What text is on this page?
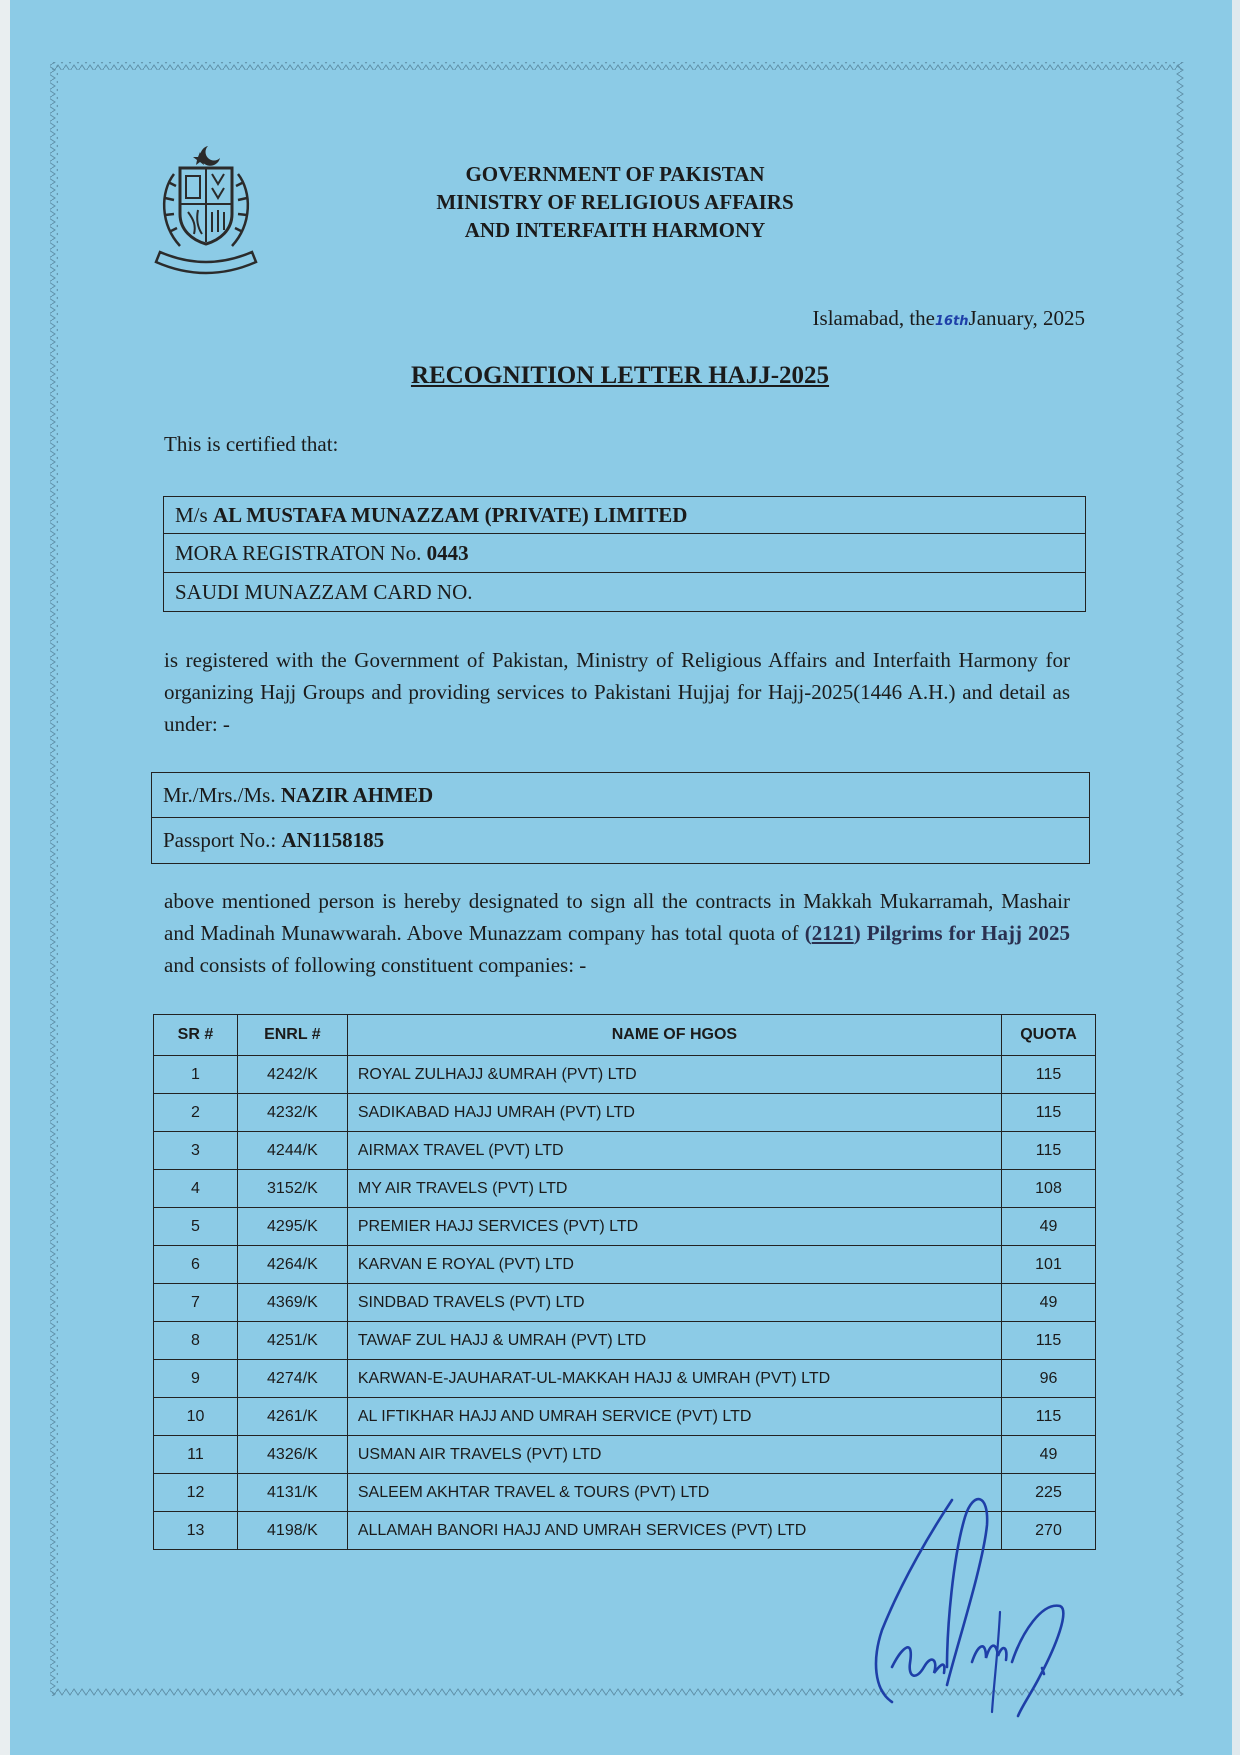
GOVERNMENT OF PAKISTAN
MINISTRY OF RELIGIOUS AFFAIRS
AND INTERFAITH HARMONY
Islamabad, the16thJanuary, 2025
RECOGNITION LETTER HAJJ-2025
This is certified that:
M/s AL MUSTAFA MUNAZZAM (PRIVATE) LIMITED
MORA REGISTRATON No. 0443
SAUDI MUNAZZAM CARD NO.
is registered with the Government of Pakistan, Ministry of Religious Affairs and Interfaith Harmony for organizing Hajj Groups and providing services to Pakistani Hujjaj for Hajj-2025(1446 A.H.) and detail as under: -
Mr./Mrs./Ms. NAZIR AHMED
Passport No.: AN1158185
above mentioned person is hereby designated to sign all the contracts in Makkah Mukarramah, Mashair and Madinah Munawwarah. Above Munazzam company has total quota of (2121) Pilgrims for Hajj 2025 and consists of following constituent companies: -
SR #	ENRL #	NAME OF HGOS	QUOTA
1	4242/K	ROYAL ZULHAJJ &UMRAH (PVT) LTD	115
2	4232/K	SADIKABAD HAJJ UMRAH (PVT) LTD	115
3	4244/K	AIRMAX TRAVEL (PVT) LTD	115
4	3152/K	MY AIR TRAVELS (PVT) LTD	108
5	4295/K	PREMIER HAJJ SERVICES (PVT) LTD	49
6	4264/K	KARVAN E ROYAL (PVT) LTD	101
7	4369/K	SINDBAD TRAVELS (PVT) LTD	49
8	4251/K	TAWAF ZUL HAJJ & UMRAH (PVT) LTD	115
9	4274/K	KARWAN-E-JAUHARAT-UL-MAKKAH HAJJ & UMRAH (PVT) LTD	96
10	4261/K	AL IFTIKHAR HAJJ AND UMRAH SERVICE (PVT) LTD	115
11	4326/K	USMAN AIR TRAVELS (PVT) LTD	49
12	4131/K	SALEEM AKHTAR TRAVEL & TOURS (PVT) LTD	225
13	4198/K	ALLAMAH BANORI HAJJ AND UMRAH SERVICES (PVT) LTD	270
